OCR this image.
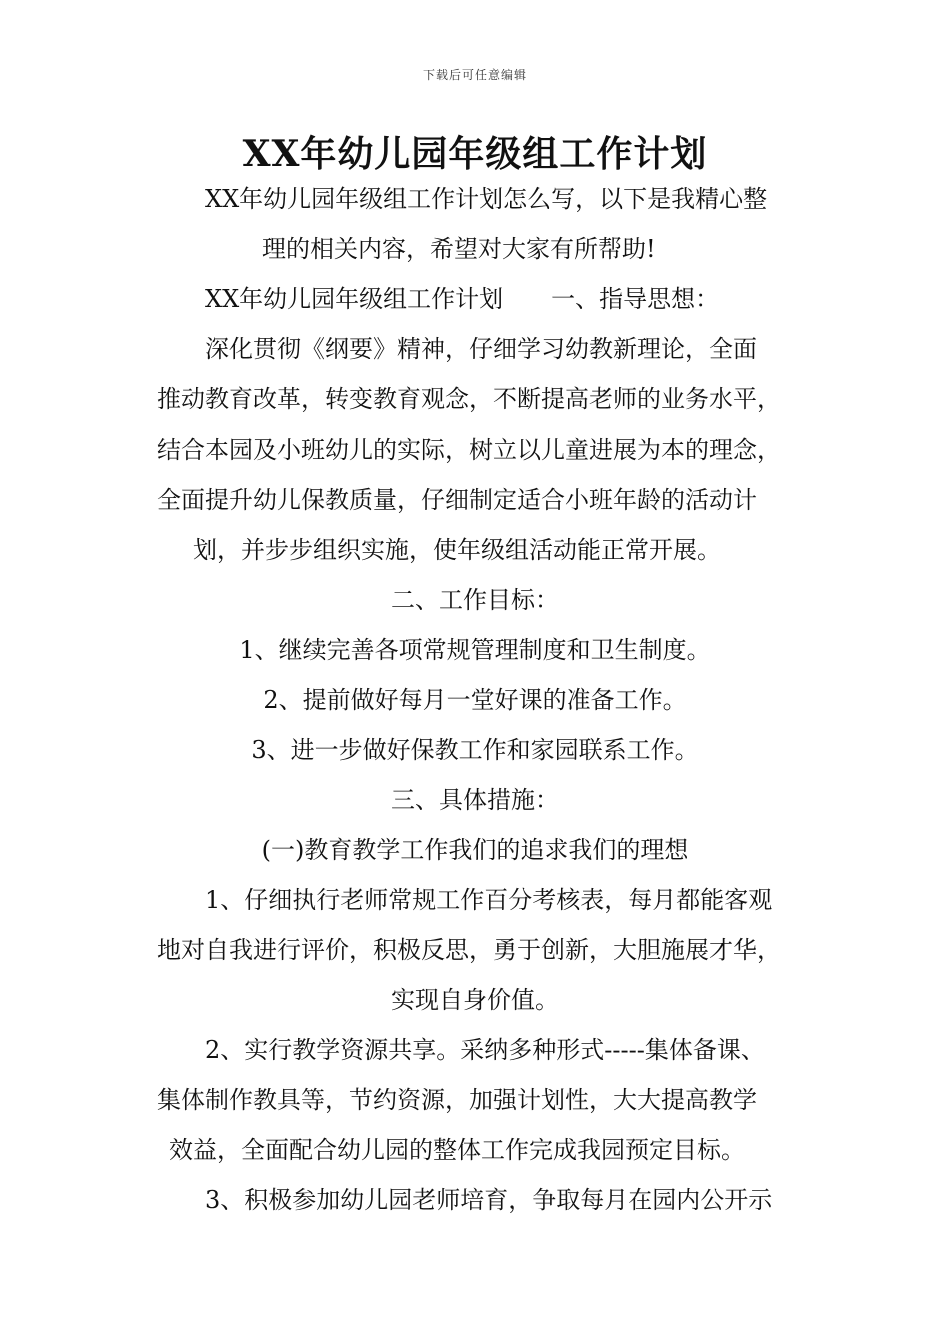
下载后可任意编辑
XX年幼儿园年级组工作计划
XX年幼儿园年级组工作计划怎么写，以下是我精心整
理的相关内容，希望对大家有所帮助!
XX年幼儿园年级组工作计划　　一、指导思想：
深化贯彻《纲要》精神，仔细学习幼教新理论，全面
推动教育改革，转变教育观念，不断提高老师的业务水平，
结合本园及小班幼儿的实际，树立以儿童进展为本的理念，
全面提升幼儿保教质量，仔细制定适合小班年龄的活动计
划，并步步组织实施，使年级组活动能正常开展。
二、工作目标：
1、继续完善各项常规管理制度和卫生制度。
2、提前做好每月一堂好课的准备工作。
3、进一步做好保教工作和家园联系工作。
三、具体措施：
(一)教育教学工作我们的追求我们的理想
1、仔细执行老师常规工作百分考核表，每月都能客观
地对自我进行评价，积极反思，勇于创新，大胆施展才华，
实现自身价值。
2、实行教学资源共享。采纳多种形式-----集体备课、
集体制作教具等，节约资源，加强计划性，大大提高教学
效益，全面配合幼儿园的整体工作完成我园预定目标。
3、积极参加幼儿园老师培育，争取每月在园内公开示
